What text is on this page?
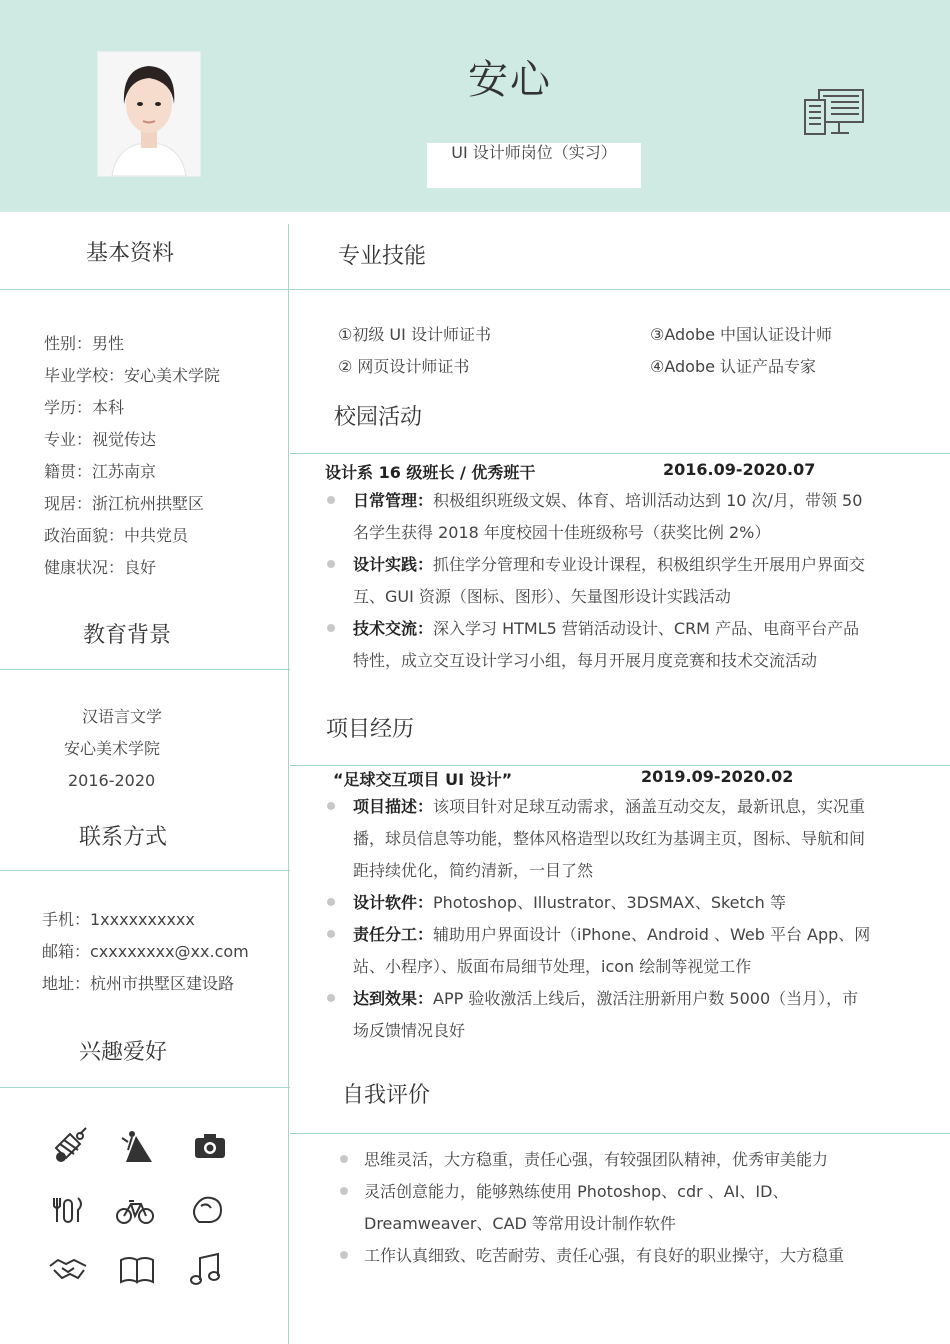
安心
UI 设计师岗位（实习）
基本资料
性别：男性
毕业学校：安心美术学院
学历：本科
专业：视觉传达
籍贯：江苏南京
现居：浙江杭州拱墅区
政治面貌：中共党员
健康状况：良好
教育背景
汉语言文学
安心美术学院
2016-2020
联系方式
手机：1xxxxxxxxxx
邮箱：cxxxxxxxx@xx.com
地址：杭州市拱墅区建设路
兴趣爱好
专业技能
①初级 UI 设计师证书	③Adobe 中国认证设计师
② 网页设计师证书	④Adobe 认证产品专家
校园活动
设计系 16 级班长 / 优秀班干	2016.09-2020.07
日常管理：积极组织班级文娱、体育、培训活动达到 10 次/月，带领 50
名学生获得 2018 年度校园十佳班级称号（获奖比例 2%）
设计实践：抓住学分管理和专业设计课程，积极组织学生开展用户界面交
互、GUI 资源（图标、图形）、矢量图形设计实践活动
技术交流：深入学习 HTML5 营销活动设计、CRM 产品、电商平台产品
特性，成立交互设计学习小组，每月开展月度竞赛和技术交流活动
项目经历
“足球交互项目 UI 设计”	2019.09-2020.02
项目描述：该项目针对足球互动需求，涵盖互动交友，最新讯息，实况重
播，球员信息等功能，整体风格造型以玫红为基调主页，图标、导航和间
距持续优化，简约清新，一目了然
设计软件：Photoshop、Illustrator、3DSMAX、Sketch 等
责任分工：辅助用户界面设计（iPhone、Android 、Web 平台 App、网
站、小程序）、版面布局细节处理，icon 绘制等视觉工作
达到效果：APP 验收激活上线后，激活注册新用户数 5000（当月），市
场反馈情况良好
自我评价
思维灵活，大方稳重，责任心强，有较强团队精神，优秀审美能力
灵活创意能力，能够熟练使用 Photoshop、cdr 、AI、ID、
Dreamweaver、CAD 等常用设计制作软件
工作认真细致、吃苦耐劳、责任心强，有良好的职业操守，大方稳重
